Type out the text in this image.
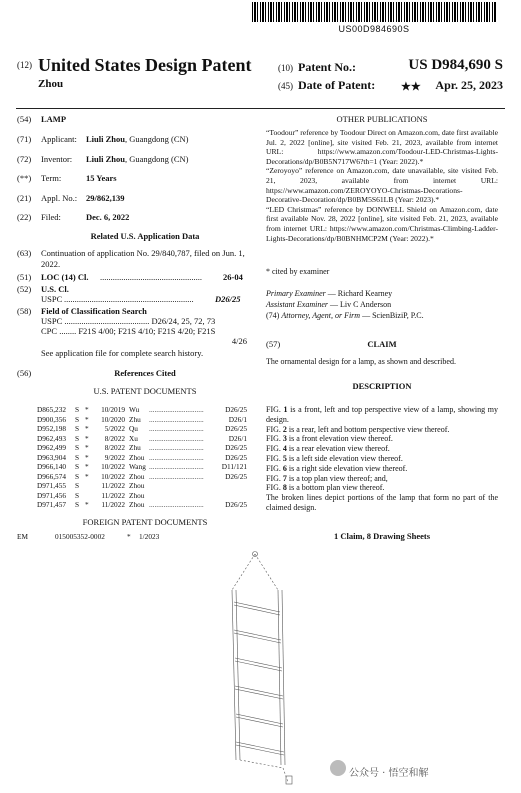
US00D984690S
(12) United States Design Patent
Zhou
(10) Patent No.:	US D984,690 S
(45) Date of Patent: ★★ Apr. 25, 2023
(54) LAMP
(71) Applicant: Liuli Zhou, Guangdong (CN)
(72) Inventor: Liuli Zhou, Guangdong (CN)
(**) Term:	15 Years
(21) Appl. No.: 29/862,139
(22) Filed:	Dec. 6, 2022
Related U.S. Application Data
(63) Continuation of application No. 29/840,787, filed on Jun. 1, 2022.
(51) LOC (14) Cl. ................................................ 26-04
(52) U.S. Cl.
USPC .............................................................	D26/25
(58) Field of Classification Search
USPC ........................................ D26/24, 25, 72, 73
CPC ........ F21S 4/00; F21S 4/10; F21S 4/20; F21S
4/26
See application file for complete search history.
(56)	References Cited
U.S. PATENT DOCUMENTS
D865,232 S *	10/2019 Wu ..............................	D26/25
D900,356 S *	10/2020 Zhu ..............................	D26/1
D952,198 S *	5/2022 Qu ..............................	D26/25
D962,493 S *	8/2022 Xu ..............................	D26/1
D962,499 S *	8/2022 Zhu ..............................	D26/25
D963,904 S *	9/2022 Zhou ..............................	D26/25
D966,140 S *	10/2022 Wang ..............................	D11/121
D966,574 S *	10/2022 Zhou ..............................	D26/25
D971,455 S	11/2022 Zhou
D971,456 S	11/2022 Zhou
D971,457 S *	11/2022 Zhou ..............................	D26/25
FOREIGN PATENT DOCUMENTS
EM	015005352-0002	* 1/2023
OTHER PUBLICATIONS
“Toodour” reference by Toodour Direct on Amazon.com, date first available Jul. 2, 2022 [online], site visited Feb. 21, 2023, available from internet URL: https://www.amazon.com/Toodour-LED-Christmas-Lights-Decorations/dp/B0B5N717W6?th=1 (Year: 2022).*
“Zeroyoyo” reference on Amazon.com, date unavailable, site visited Feb. 21, 2023, available from internet URL: https://www.amazon.com/ZEROYOYO-Christmas-Decorations-Decorative-Decoration/dp/B0BM5S61LB (Year: 2023).*
“LED Christmas” reference by DONWELL Shield on Amazon.com, date first available Nov. 28, 2022 [online], site visited Feb. 21, 2023, available from internet URL: https://www.amazon.com/Christmas-Climbing-Ladder-Lights-Decorations/dp/B0BNHMCP2M (Year: 2022).*
* cited by examiner
Primary Examiner — Richard Kearney
Assistant Examiner — Liv C Anderson
(74) Attorney, Agent, or Firm — ScienBiziP, P.C.
(57)	CLAIM
The ornamental design for a lamp, as shown and described.
DESCRIPTION
FIG. 1 is a front, left and top perspective view of a lamp, showing my design.
FIG. 2 is a rear, left and bottom perspective view thereof.
FIG. 3 is a front elevation view thereof.
FIG. 4 is a rear elevation view thereof.
FIG. 5 is a left side elevation view thereof.
FIG. 6 is a right side elevation view thereof.
FIG. 7 is a top plan view thereof; and,
FIG. 8 is a bottom plan view thereof.
The broken lines depict portions of the lamp that form no part of the claimed design.
1 Claim, 8 Drawing Sheets
公众号 · 悟空和解
